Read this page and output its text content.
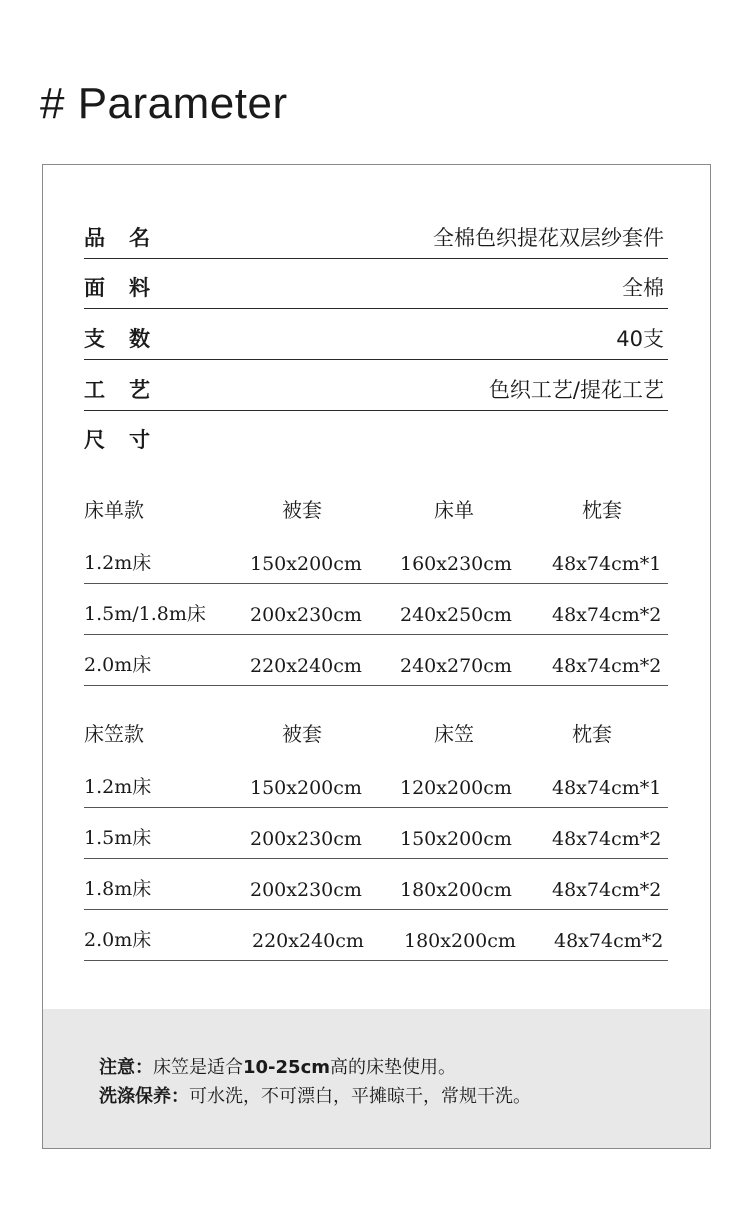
# Parameter
品名	全棉色织提花双层纱套件
面料	全棉
支数	40支
工艺	色织工艺/提花工艺
尺寸
床单款	被套	床单	枕套
1.2m床	150x200cm 160x230cm 48x74cm*1
1.5m/1.8m床 200x230cm 240x250cm 48x74cm*2
2.0m床	220x240cm 240x270cm 48x74cm*2
床笠款	被套	床笠	枕套
1.2m床	150x200cm 120x200cm 48x74cm*1
1.5m床	200x230cm 150x200cm 48x74cm*2
1.8m床	200x230cm 180x200cm 48x74cm*2
2.0m床	220x240cm 180x200cm 48x74cm*2
注意：床笠是适合10-25cm高的床垫使用。
洗涤保养：可水洗，不可漂白，平摊晾干，常规干洗。
